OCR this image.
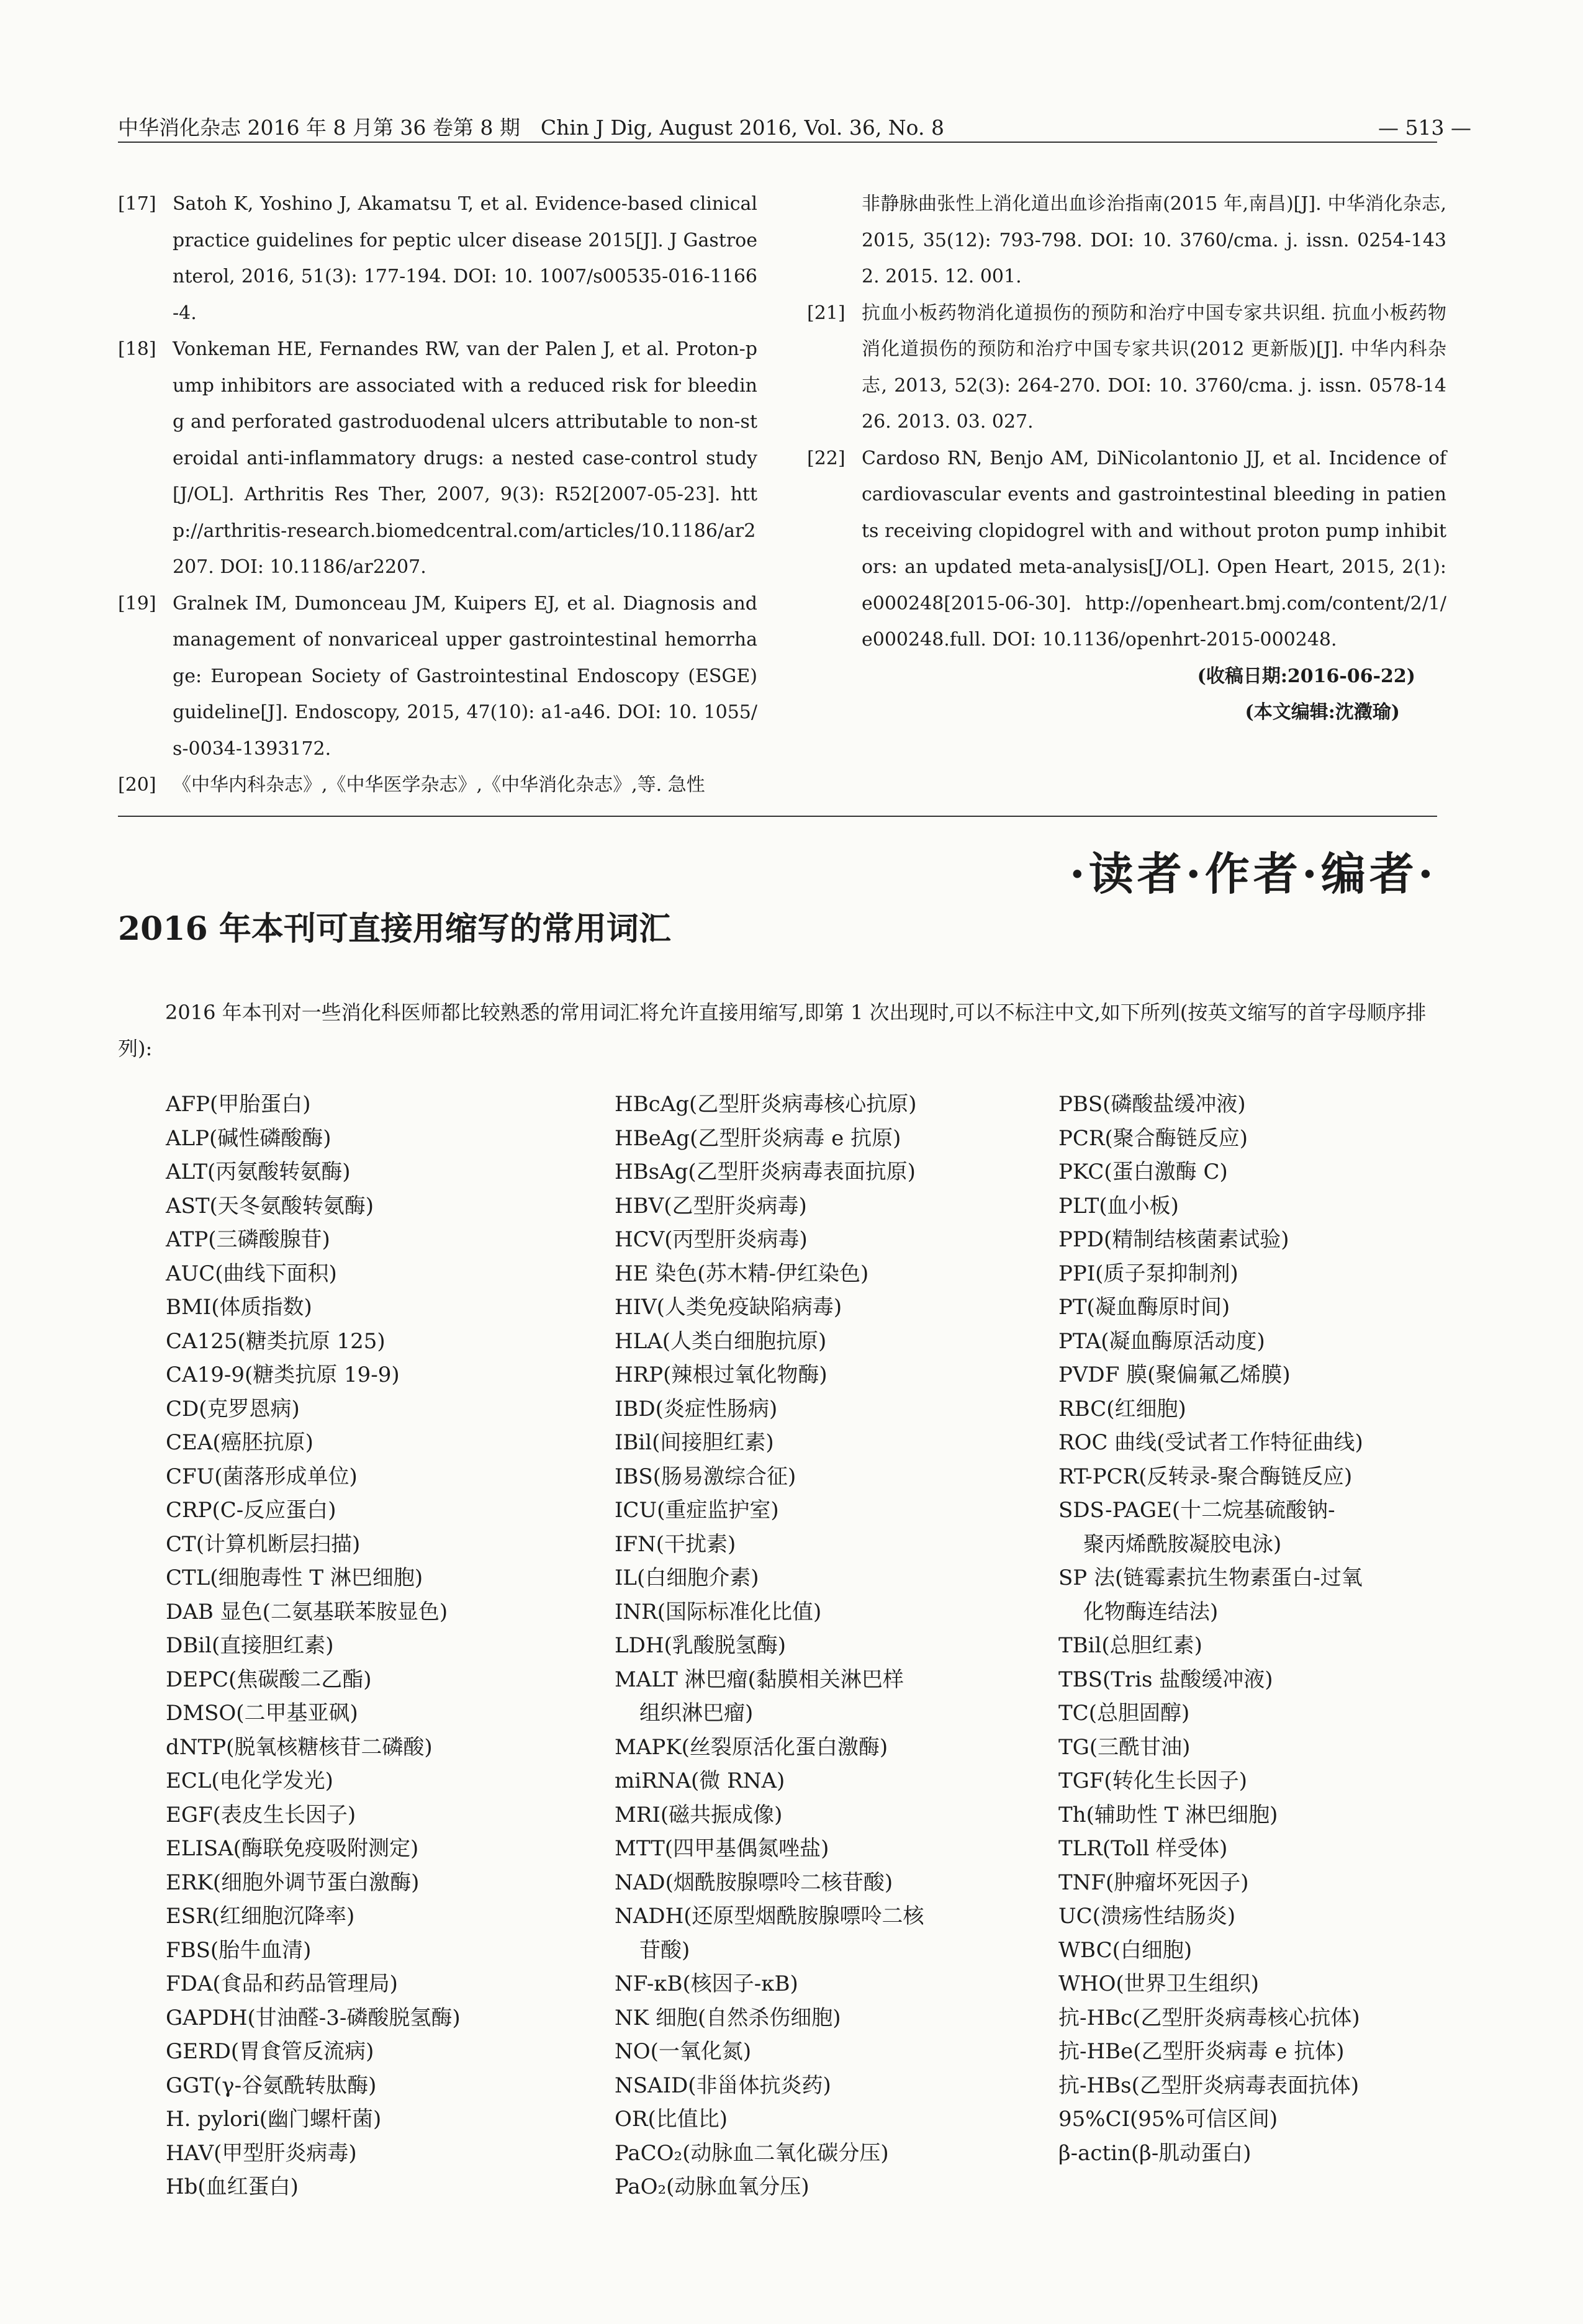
中华消化杂志 2016 年 8 月第 36 卷第 8 期　Chin J Dig, August 2016, Vol. 36, No. 8	— 513 —
[17] Satoh K, Yoshino J, Akamatsu T, et al. Evidence-based clinical practice guidelines for peptic ulcer disease 2015[J]. J Gastroenterol, 2016, 51(3): 177-194. DOI: 10. 1007/s00535-016-1166-4.
[18] Vonkeman HE, Fernandes RW, van der Palen J, et al. Proton-pump inhibitors are associated with a reduced risk for bleeding and perforated gastroduodenal ulcers attributable to non-steroidal anti-inflammatory drugs: a nested case-control study [J/OL]. Arthritis Res Ther, 2007, 9(3): R52[2007-05-23]. http://arthritis-research.biomedcentral.com/articles/10.1186/ar2207. DOI: 10.1186/ar2207.
[19] Gralnek IM, Dumonceau JM, Kuipers EJ, et al. Diagnosis and management of nonvariceal upper gastrointestinal hemorrhage: European Society of Gastrointestinal Endoscopy (ESGE) guideline[J]. Endoscopy, 2015, 47(10): a1-a46. DOI: 10. 1055/s-0034-1393172.
[20] 《中华内科杂志》,《中华医学杂志》,《中华消化杂志》,等. 急性
非静脉曲张性上消化道出血诊治指南(2015 年,南昌)[J]. 中华消化杂志, 2015, 35(12): 793-798. DOI: 10. 3760/cma. j. issn. 0254-1432. 2015. 12. 001.
[21] 抗血小板药物消化道损伤的预防和治疗中国专家共识组. 抗血小板药物消化道损伤的预防和治疗中国专家共识(2012 更新版)[J]. 中华内科杂志, 2013, 52(3): 264-270. DOI: 10. 3760/cma. j. issn. 0578-1426. 2013. 03. 027.
[22] Cardoso RN, Benjo AM, DiNicolantonio JJ, et al. Incidence of cardiovascular events and gastrointestinal bleeding in patients receiving clopidogrel with and without proton pump inhibitors: an updated meta-analysis[J/OL]. Open Heart, 2015, 2(1): e000248[2015-06-30]. http://openheart.bmj.com/content/2/1/e000248.full. DOI: 10.1136/openhrt-2015-000248.
(收稿日期:2016-06-22)
(本文编辑:沈瀓瑜)
·读者·作者·编者·
2016 年本刊可直接用缩写的常用词汇

2016 年本刊对一些消化科医师都比较熟悉的常用词汇将允许直接用缩写,即第 1 次出现时,可以不标注中文,如下所列(按英文缩写的首字母顺序排列):

AFP(甲胎蛋白)
ALP(碱性磷酸酶)
ALT(丙氨酸转氨酶)
AST(天冬氨酸转氨酶)
ATP(三磷酸腺苷)
AUC(曲线下面积)
BMI(体质指数)
CA125(糖类抗原 125)
CA19-9(糖类抗原 19-9)
CD(克罗恩病)
CEA(癌胚抗原)
CFU(菌落形成单位)
CRP(C-反应蛋白)
CT(计算机断层扫描)
CTL(细胞毒性 T 淋巴细胞)
DAB 显色(二氨基联苯胺显色)
DBil(直接胆红素)
DEPC(焦碳酸二乙酯)
DMSO(二甲基亚砜)
dNTP(脱氧核糖核苷二磷酸)
ECL(电化学发光)
EGF(表皮生长因子)
ELISA(酶联免疫吸附测定)
ERK(细胞外调节蛋白激酶)
ESR(红细胞沉降率)
FBS(胎牛血清)
FDA(食品和药品管理局)
GAPDH(甘油醛-3-磷酸脱氢酶)
GERD(胃食管反流病)
GGT(γ-谷氨酰转肽酶)
H. pylori(幽门螺杆菌)
HAV(甲型肝炎病毒)
Hb(血红蛋白)
HBcAg(乙型肝炎病毒核心抗原)
HBeAg(乙型肝炎病毒 e 抗原)
HBsAg(乙型肝炎病毒表面抗原)
HBV(乙型肝炎病毒)
HCV(丙型肝炎病毒)
HE 染色(苏木精-伊红染色)
HIV(人类免疫缺陷病毒)
HLA(人类白细胞抗原)
HRP(辣根过氧化物酶)
IBD(炎症性肠病)
IBil(间接胆红素)
IBS(肠易激综合征)
ICU(重症监护室)
IFN(干扰素)
IL(白细胞介素)
INR(国际标准化比值)
LDH(乳酸脱氢酶)
MALT 淋巴瘤(黏膜相关淋巴样
组织淋巴瘤)
MAPK(丝裂原活化蛋白激酶)
miRNA(微 RNA)
MRI(磁共振成像)
MTT(四甲基偶氮唑盐)
NAD(烟酰胺腺嘌呤二核苷酸)
NADH(还原型烟酰胺腺嘌呤二核
苷酸)
NF-κB(核因子-κB)
NK 细胞(自然杀伤细胞)
NO(一氧化氮)
NSAID(非甾体抗炎药)
OR(比值比)
PaCO₂(动脉血二氧化碳分压)
PaO₂(动脉血氧分压)
PBS(磷酸盐缓冲液)
PCR(聚合酶链反应)
PKC(蛋白激酶 C)
PLT(血小板)
PPD(精制结核菌素试验)
PPI(质子泵抑制剂)
PT(凝血酶原时间)
PTA(凝血酶原活动度)
PVDF 膜(聚偏氟乙烯膜)
RBC(红细胞)
ROC 曲线(受试者工作特征曲线)
RT-PCR(反转录-聚合酶链反应)
SDS-PAGE(十二烷基硫酸钠-
聚丙烯酰胺凝胶电泳)
SP 法(链霉素抗生物素蛋白-过氧
化物酶连结法)
TBil(总胆红素)
TBS(Tris 盐酸缓冲液)
TC(总胆固醇)
TG(三酰甘油)
TGF(转化生长因子)
Th(辅助性 T 淋巴细胞)
TLR(Toll 样受体)
TNF(肿瘤坏死因子)
UC(溃疡性结肠炎)
WBC(白细胞)
WHO(世界卫生组织)
抗-HBc(乙型肝炎病毒核心抗体)
抗-HBe(乙型肝炎病毒 e 抗体)
抗-HBs(乙型肝炎病毒表面抗体)
95%CI(95%可信区间)
β-actin(β-肌动蛋白)
